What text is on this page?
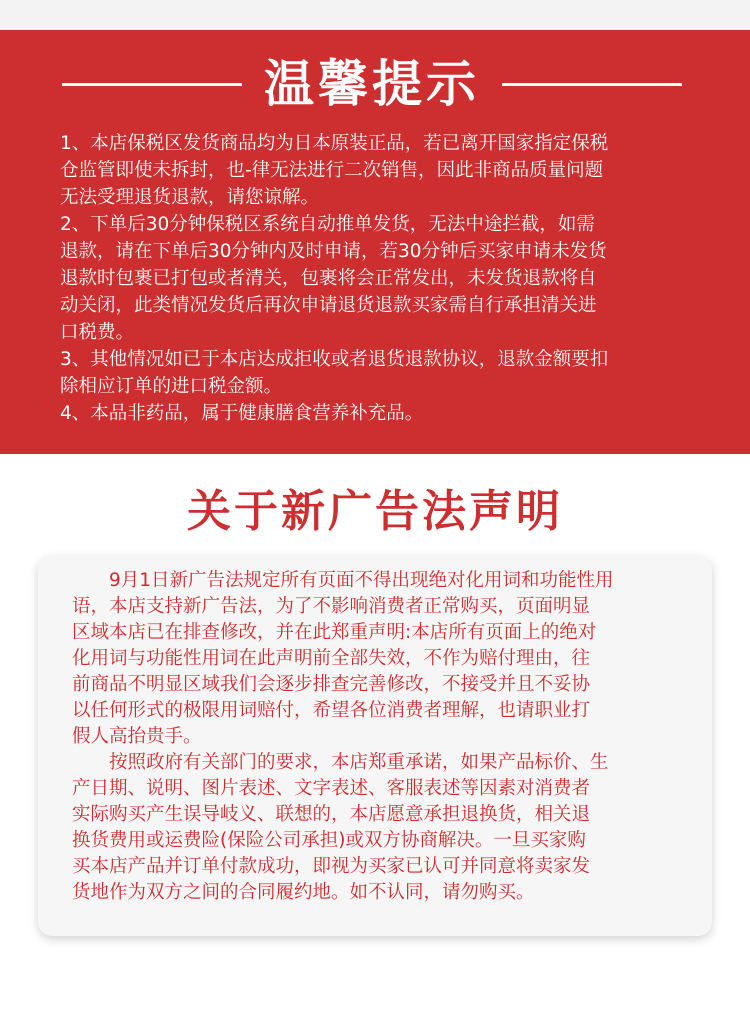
温馨提示

1、本店保税区发货商品均为日本原装正品，若已离开国家指定保税
仓监管即使未拆封，也-律无法进行二次销售，因此非商品质量问题
无法受理退货退款，请您谅解。

2、下单后30分钟保税区系统自动推单发货，无法中途拦截，如需
退款，请在下单后30分钟内及时申请，若30分钟后买家申请未发货
退款时包裹已打包或者清关，包裹将会正常发出，未发货退款将自
动关闭，此类情况发货后再次申请退货退款买家需自行承担清关进
口税费。

3、其他情况如已于本店达成拒收或者退货退款协议，退款金额要扣
除相应订单的进口税金额。

4、本品非药品，属于健康膳食营养补充品。

关于新广告法声明

　　9月1日新广告法规定所有页面不得出现绝对化用词和功能性用
语，本店支持新广告法，为了不影响消费者正常购买，页面明显
区域本店已在排查修改，并在此郑重声明:本店所有页面上的绝对
化用词与功能性用词在此声明前全部失效，不作为赔付理由，往
前商品不明显区域我们会逐步排查完善修改，不接受并且不妥协
以任何形式的极限用词赔付，希望各位消费者理解，也请职业打
假人高抬贵手。

　　按照政府有关部门的要求，本店郑重承诺，如果产品标价、生
产日期、说明、图片表述、文字表述、客服表述等因素对消费者
实际购买产生误导岐义、联想的，本店愿意承担退换货，相关退
换货费用或运费险(保险公司承担)或双方协商解决。一旦买家购
买本店产品并订单付款成功，即视为买家已认可并同意将卖家发
货地作为双方之间的合同履约地。如不认同，请勿购买。
